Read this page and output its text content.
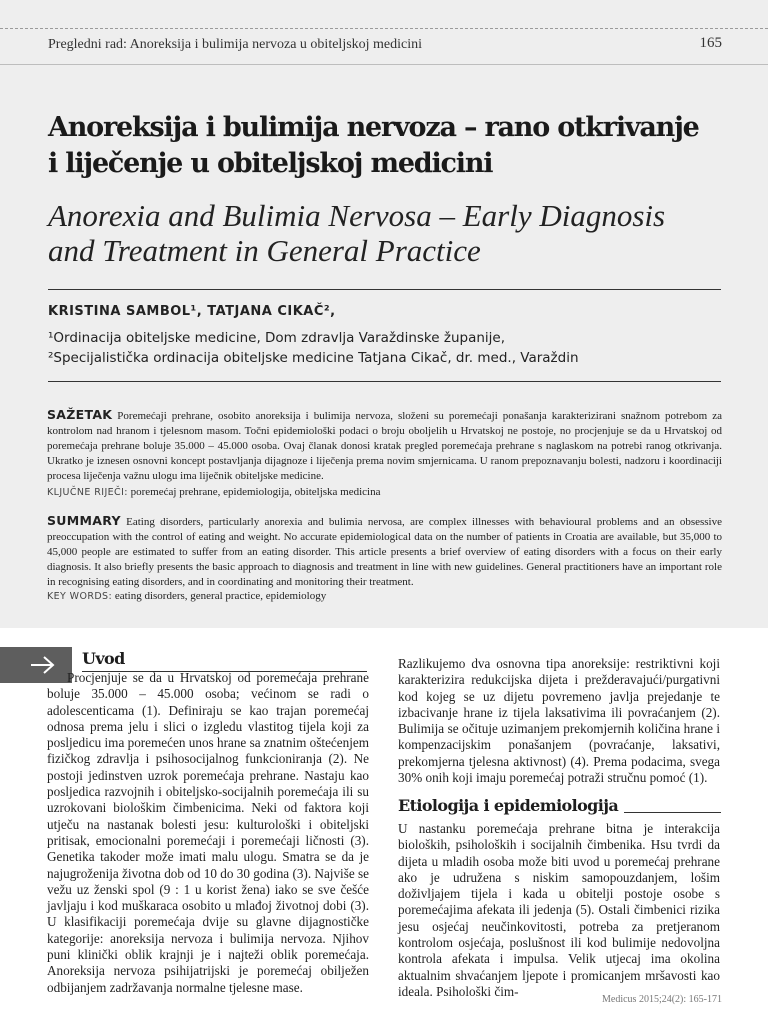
Pregledni rad: Anoreksija i bulimija nervoza u obiteljskoj medicini	165
Anoreksija i bulimija nervoza – rano otkrivanje
i liječenje u obiteljskoj medicini
Anorexia and Bulimia Nervosa – Early Diagnosis
and Treatment in General Practice
KRISTINA SAMBOL¹, TATJANA CIKAČ²,
¹Ordinacija obiteljske medicine, Dom zdravlja Varaždinske županije,
²Specijalistička ordinacija obiteljske medicine Tatjana Cikač, dr. med., Varaždin
SAŽETAK Poremećaji prehrane, osobito anoreksija i bulimija nervoza, složeni su poremećaji ponašanja karakterizirani snažnom potrebom za kontrolom nad hranom i tjelesnom masom. Točni epidemiološki podaci o broju oboljelih u Hrvatskoj ne postoje, no procjenjuje se da u Hrvatskoj od poremećaja prehrane boluje 35.000 – 45.000 osoba. Ovaj članak donosi kratak pregled poremećaja prehrane s naglaskom na potrebi ranog otkrivanja. Ukratko je iznesen osnovni koncept postavljanja dijagnoze i liječenja prema novim smjernicama. U ranom prepoznavanju bolesti, nadzoru i koordinaciji procesa liječenja važnu ulogu ima liječnik obiteljske medicine.
KLJUČNE RIJEČI: poremećaj prehrane, epidemiologija, obiteljska medicina
SUMMARY Eating disorders, particularly anorexia and bulimia nervosa, are complex illnesses with behavioural problems and an obsessive preoccupation with the control of eating and weight. No accurate epidemiological data on the number of patients in Croatia are available, but 35,000 to 45,000 people are estimated to suffer from an eating disorder. This article presents a brief overview of eating disorders with a focus on their early diagnosis. It also briefly presents the basic approach to diagnosis and treatment in line with new guidelines. General practitioners have an important role in recognising eating disorders, and in coordinating and monitoring their treatment.
KEY WORDS: eating disorders, general practice, epidemiology
Uvod

Procjenjuje se da u Hrvatskoj od poremećaja prehrane boluje 35.000 – 45.000 osoba; većinom se radi o adolescenticama (1). Definiraju se kao trajan poremećaj odnosa prema jelu i slici o izgledu vlastitog tijela koji za posljedicu ima poremećen unos hrane sa znatnim oštećenjem fizičkog zdravlja i psihosocijalnog funkcioniranja (2). Ne postoji jedinstven uzrok poremećaja prehrane. Nastaju kao posljedica razvojnih i obiteljsko-socijalnih poremećaja ili su uzrokovani biološkim čimbenicima. Neki od faktora koji utječu na nastanak bolesti jesu: kulturološki i obiteljski pritisak, emocionalni poremećaji i poremećaji ličnosti (3). Genetika takoder može imati malu ulogu. Smatra se da je najugroženija životna dob od 10 do 30 godina (3). Najviše se vežu uz ženski spol (9 : 1 u korist žena) iako se sve češće javljaju i kod muškaraca osobito u mlađoj životnoj dobi (3). U klasifikaciji poremećaja dvije su glavne dijagnostičke kategorije: anoreksija nervoza i bulimija nervoza. Njihov puni klinički oblik krajnji je i najteži oblik poremećaja. Anoreksija nervoza psihijatrijski je poremećaj obilježen odbijanjem zadržavanja normalne tjelesne mase.

Razlikujemo dva osnovna tipa anoreksije: restriktivni koji karakterizira redukcijska dijeta i prežderavajući/purgativni kod kojeg se uz dijetu povremeno javlja prejedanje te izbacivanje hrane iz tijela laksativima ili povraćanjem (2). Bulimija se očituje uzimanjem prekomjernih količina hrane i kompenzacijskim ponašanjem (povraćanje, laksativi, prekomjerna tjelesna aktivnost) (4). Prema podacima, svega 30% onih koji imaju poremećaj potraži stručnu pomoć (1).

Etiologija i epidemiologija

U nastanku poremećaja prehrane bitna je interakcija bioloških, psiholoških i socijalnih čimbenika. Hsu tvrdi da dijeta u mladih osoba može biti uvod u poremećaj prehrane ako je udružena s niskim samopouzdanjem, lošim doživljajem tijela i kada u obitelji postoje osobe s poremećajima afekata ili jedenja (5). Ostali čimbenici rizika jesu osjećaj neučinkovitosti, potreba za pretjeranom kontrolom osjećaja, poslušnost ili kod bulimije nedovoljna kontrola afekata i impulsa. Velik utjecaj ima okolina aktualnim shvaćanjem ljepote i promicanjem mršavosti kao ideala. Psihološki čim-

Medicus 2015;24(2): 165-171
